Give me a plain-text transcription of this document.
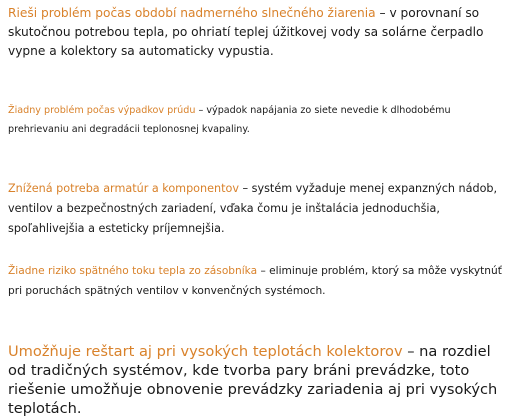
Rieši problém počas období nadmerného slnečného žiarenia – v porovnaní so skutočnou potrebou tepla, po ohriatí teplej úžitkovej vody sa solárne čerpadlo vypne a kolektory sa automaticky vypustia.

Žiadny problém počas výpadkov prúdu – výpadok napájania zo siete nevedie k dlhodobému prehrievaniu ani degradácii teplonosnej kvapaliny.

Znížená potreba armatúr a komponentov – systém vyžaduje menej expanzných nádob, ventilov a bezpečnostných zariadení, vďaka čomu je inštalácia jednoduchšia, spoľahlivejšia a esteticky príjemnejšia.

Žiadne riziko spätného toku tepla zo zásobníka – eliminuje problém, ktorý sa môže vyskytnúť pri poruchách spätných ventilov v konvenčných systémoch.

Umožňuje reštart aj pri vysokých teplotách kolektorov – na rozdiel od tradičných systémov, kde tvorba pary bráni prevádzke, toto riešenie umožňuje obnovenie prevádzky zariadenia aj pri vysokých teplotách.
